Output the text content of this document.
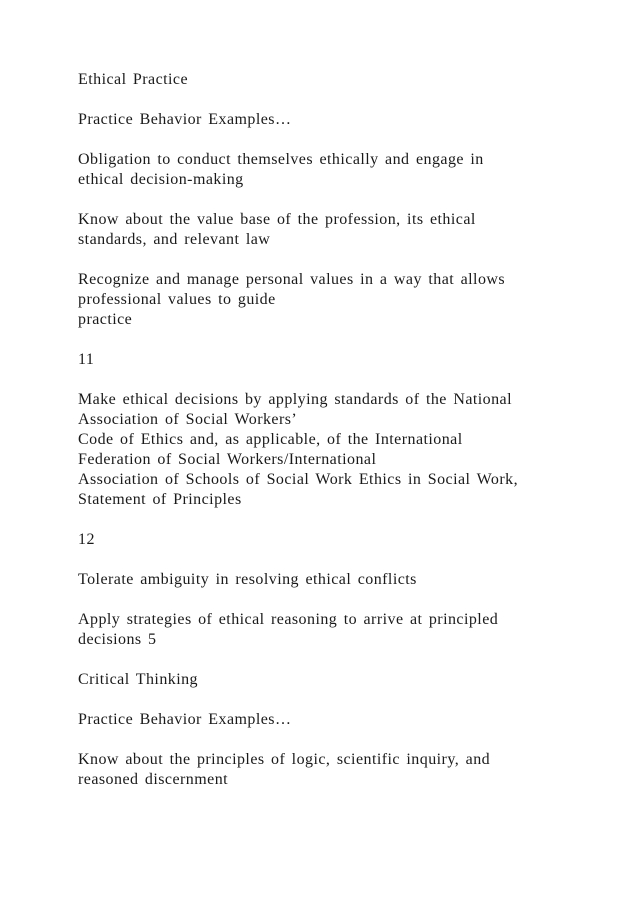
Ethical Practice

Practice Behavior Examples…

Obligation to conduct themselves ethically and engage in
ethical decision-making

Know about the value base of the profession, its ethical
standards, and relevant law

Recognize and manage personal values in a way that allows
professional values to guide
practice

11

Make ethical decisions by applying standards of the National
Association of Social Workers’
Code of Ethics and, as applicable, of the International
Federation of Social Workers/International
Association of Schools of Social Work Ethics in Social Work,
Statement of Principles

12

Tolerate ambiguity in resolving ethical conflicts

Apply strategies of ethical reasoning to arrive at principled
decisions 5

Critical Thinking

Practice Behavior Examples…

Know about the principles of logic, scientific inquiry, and
reasoned discernment
